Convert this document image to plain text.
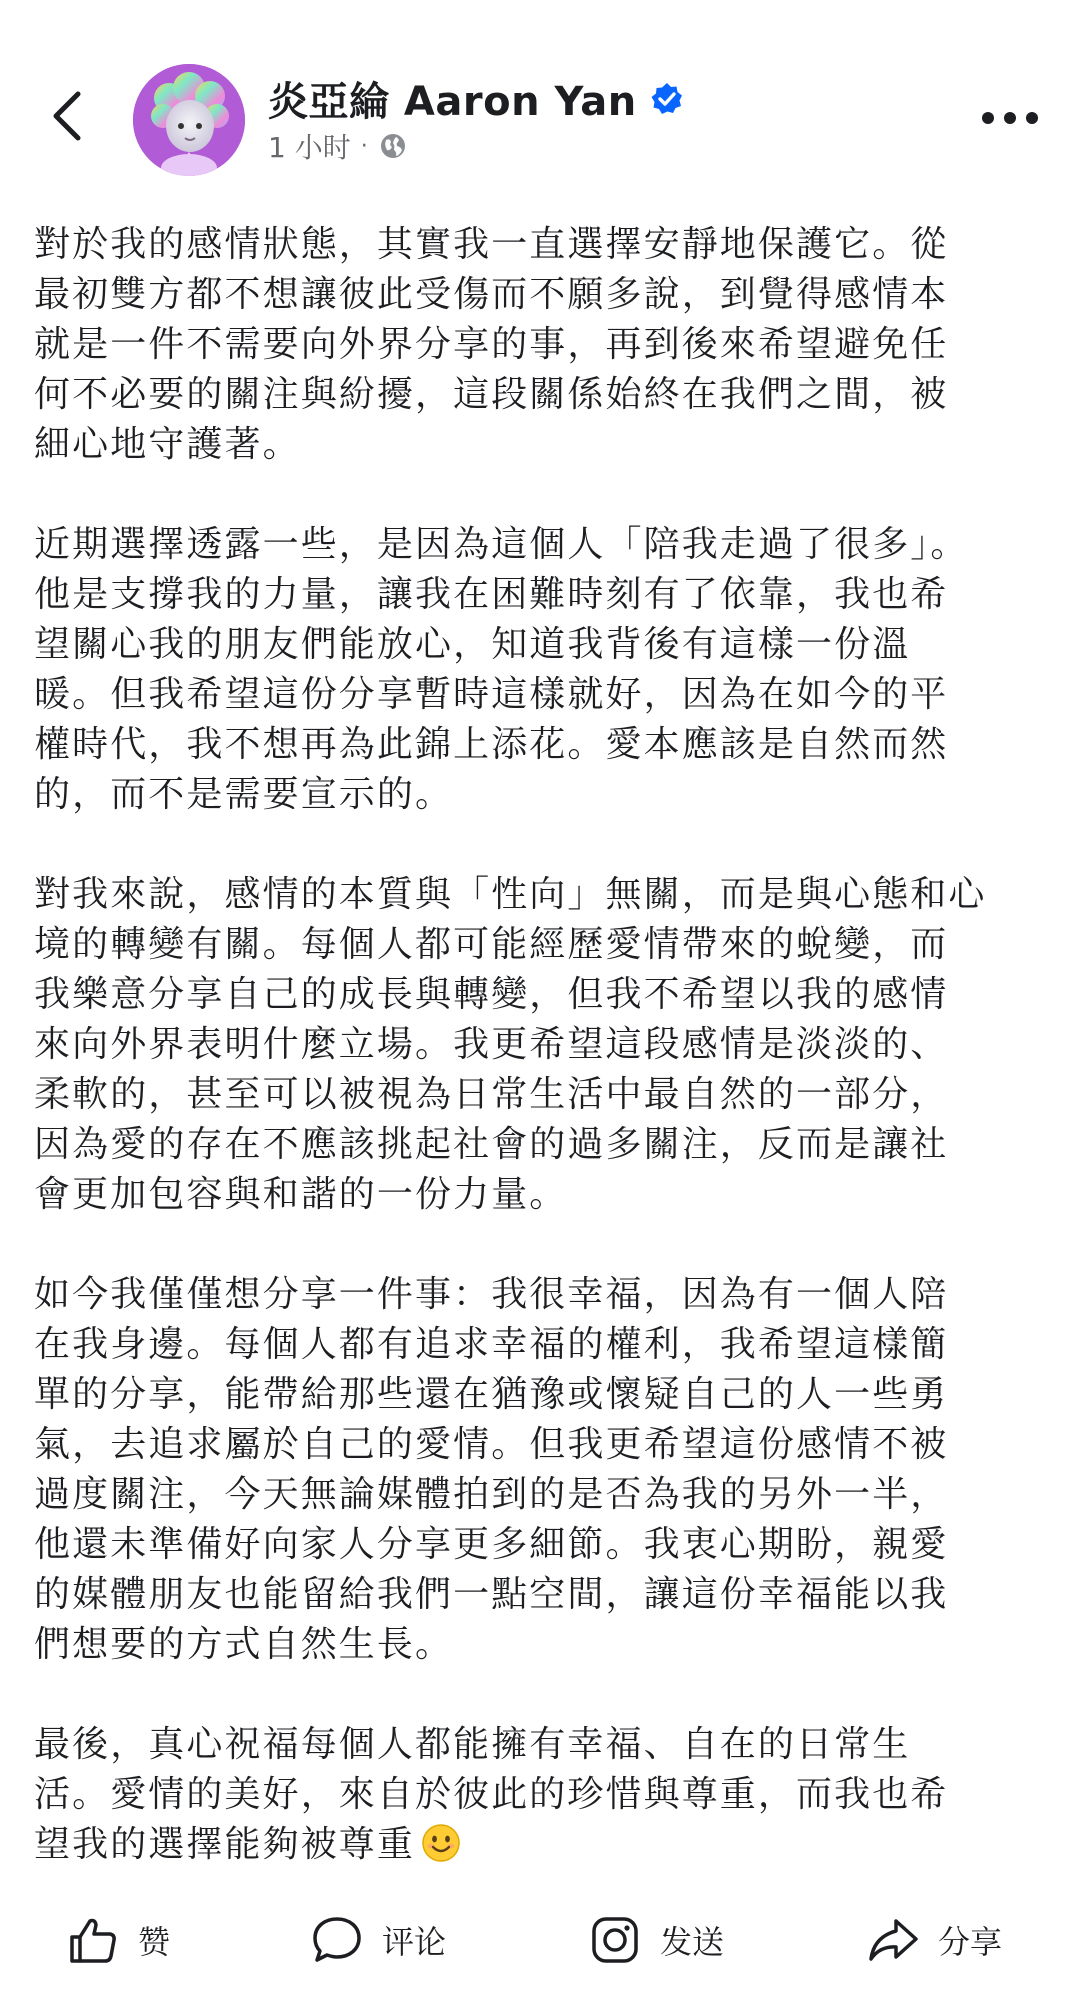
炎亞綸 Aaron Yan
1 小时 ·

對於我的感情狀態，其實我一直選擇安靜地保護它。從
最初雙方都不想讓彼此受傷而不願多說，到覺得感情本
就是一件不需要向外界分享的事，再到後來希望避免任
何不必要的關注與紛擾，這段關係始終在我們之間，被
細心地守護著。

近期選擇透露一些，是因為這個人「陪我走過了很多」。
他是支撐我的力量，讓我在困難時刻有了依靠，我也希
望關心我的朋友們能放心，知道我背後有這樣一份溫
暖。但我希望這份分享暫時這樣就好，因為在如今的平
權時代，我不想再為此錦上添花。愛本應該是自然而然
的，而不是需要宣示的。

對我來說，感情的本質與「性向」無關，而是與心態和心
境的轉變有關。每個人都可能經歷愛情帶來的蛻變，而
我樂意分享自己的成長與轉變，但我不希望以我的感情
來向外界表明什麼立場。我更希望這段感情是淡淡的、
柔軟的，甚至可以被視為日常生活中最自然的一部分，
因為愛的存在不應該挑起社會的過多關注，反而是讓社
會更加包容與和諧的一份力量。

如今我僅僅想分享一件事：我很幸福，因為有一個人陪
在我身邊。每個人都有追求幸福的權利，我希望這樣簡
單的分享，能帶給那些還在猶豫或懷疑自己的人一些勇
氣，去追求屬於自己的愛情。但我更希望這份感情不被
過度關注，今天無論媒體拍到的是否為我的另外一半，
他還未準備好向家人分享更多細節。我衷心期盼，親愛
的媒體朋友也能留給我們一點空間，讓這份幸福能以我
們想要的方式自然生長。

最後，真心祝福每個人都能擁有幸福、自在的日常生
活。愛情的美好，來自於彼此的珍惜與尊重，而我也希
望我的選擇能夠被尊重

赞	评论	发送	分享
